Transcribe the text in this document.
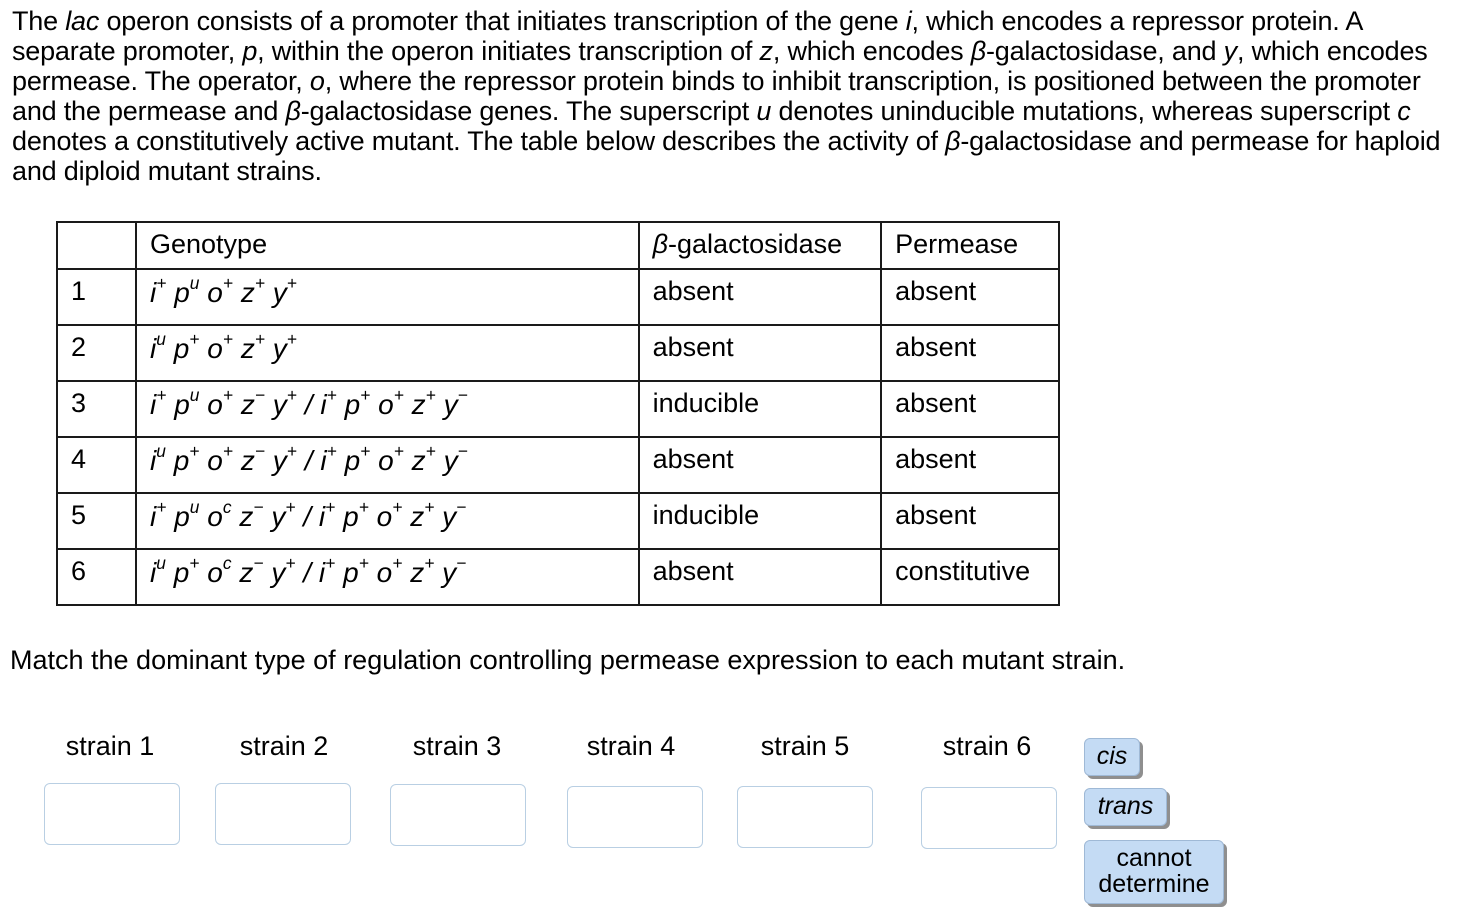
The lac operon consists of a promoter that initiates transcription of the gene i, which encodes a repressor protein. A separate promoter, p, within the operon initiates transcription of z, which encodes β-galactosidase, and y, which encodes permease. The operator, o, where the repressor protein binds to inhibit transcription, is positioned between the promoter and the permease and β-galactosidase genes. The superscript u denotes uninducible mutations, whereas superscript c denotes a constitutively active mutant. The table below describes the activity of β-galactosidase and permease for haploid and diploid mutant strains.

	Genotype	β-galactosidase	Permease
1	i+ $p^u$ o+ z+ y+	absent	absent
2	$i^u$ p+ o+ z+ y+	absent	absent
3	i+ $p^u$ o+ z− y+ / i+ p+ o+ z+ y−	inducible	absent
4	$i^u$ p+ o+ z− y+ / i+ p+ o+ z+ y−	absent	absent
5	i+ $p^u$ $o^c$ z− y+ / i+ p+ o+ z+ y−	inducible	absent
6	$i^u$ p+ $o^c$ z− y+ / i+ p+ o+ z+ y−	absent	constitutive

Match the dominant type of regulation controlling permease expression to each mutant strain.

strain 1	strain 2	strain 3	strain 4	strain 5	strain 6	cis
trans
cannot determine
